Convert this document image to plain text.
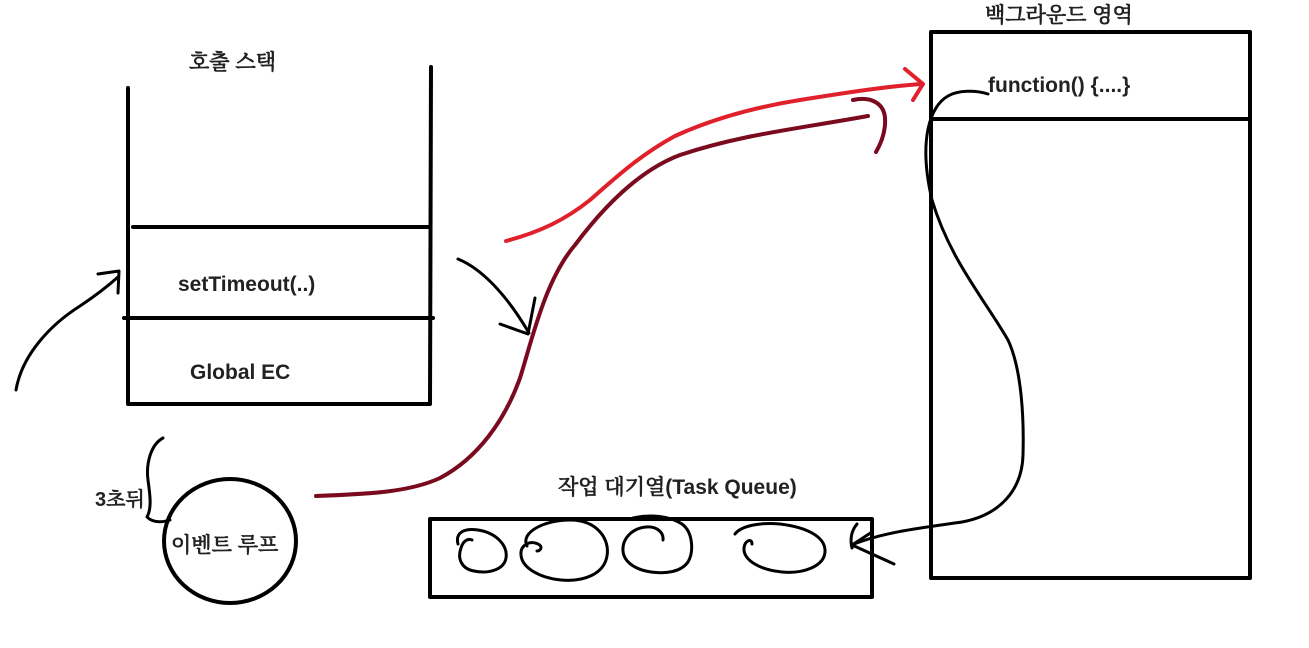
호출 스택
setTimeout(..)
Global EC
백그라운드 영역
function() {....}
작업 대기열(Task Queue)
이벤트 루프
3초뒤
